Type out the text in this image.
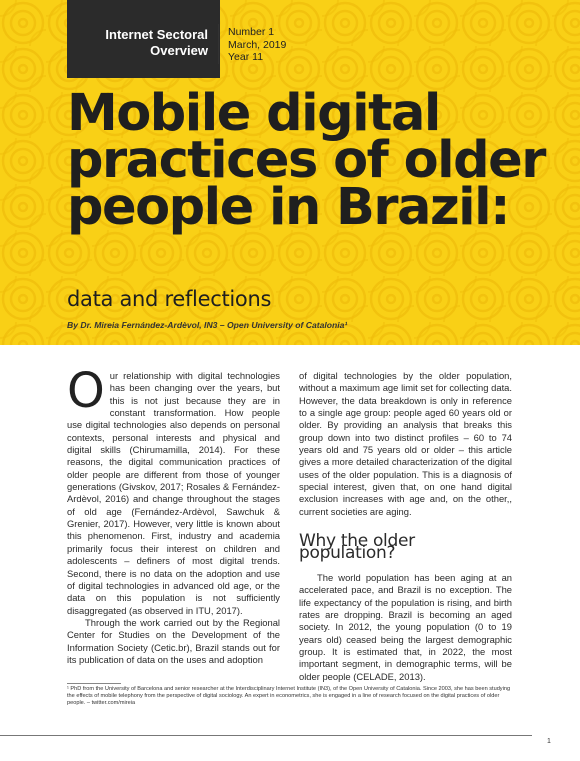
Internet Sectoral Overview
Number 1
March, 2019
Year 11
Mobile digital practices of older people in Brazil:
data and reflections
By Dr. Mireia Fernández-Ardèvol, IN3 – Open University of Catalonia¹

Our relationship with digital technologies has been changing over the years, but this is not just because they are in constant transformation. How people use digital technologies also depends on personal contexts, personal interests and physical and digital skills (Chirumamilla, 2014). For these reasons, the digital communication practices of older people are different from those of younger generations (Givskov, 2017; Rosales & Fernández-Ardèvol, 2016) and change throughout the stages of old age (Fernández-Ardèvol, Sawchuk & Grenier, 2017). However, very little is known about this phenomenon. First, industry and academia primarily focus their interest on children and adolescents – definers of most digital trends. Second, there is no data on the adoption and use of digital technologies in advanced old age, or the data on this population is not sufficiently disaggregated (as observed in ITU, 2017).

Through the work carried out by the Regional Center for Studies on the Development of the Information Society (Cetic.br), Brazil stands out for its publication of data on the uses and adoption

of digital technologies by the older population, without a maximum age limit set for collecting data. However, the data breakdown is only in reference to a single age group: people aged 60 years old or older. By providing an analysis that breaks this group down into two distinct profiles – 60 to 74 years old and 75 years old or older – this article gives a more detailed characterization of the digital uses of the older population. This is a diagnosis of special interest, given that, on one hand digital exclusion increases with age and, on the other,, current societies are aging.

Why the older population?

The world population has been aging at an accelerated pace, and Brazil is no exception. The life expectancy of the population is rising, and birth rates are dropping. Brazil is becoming an aged society. In 2012, the young population (0 to 19 years old) ceased being the largest demographic group. It is estimated that, in 2022, the most important segment, in demographic terms, will be older people (CELADE, 2013).

¹ PhD from the University of Barcelona and senior researcher at the Interdisciplinary Internet Institute (IN3), of the Open University of Catalonia. Since 2003, she has been studying the effects of mobile telephony from the perspective of digital sociology. An expert in econometrics, she is engaged in a line of research focused on the digital practices of older people. – twitter.com/mireia
1
